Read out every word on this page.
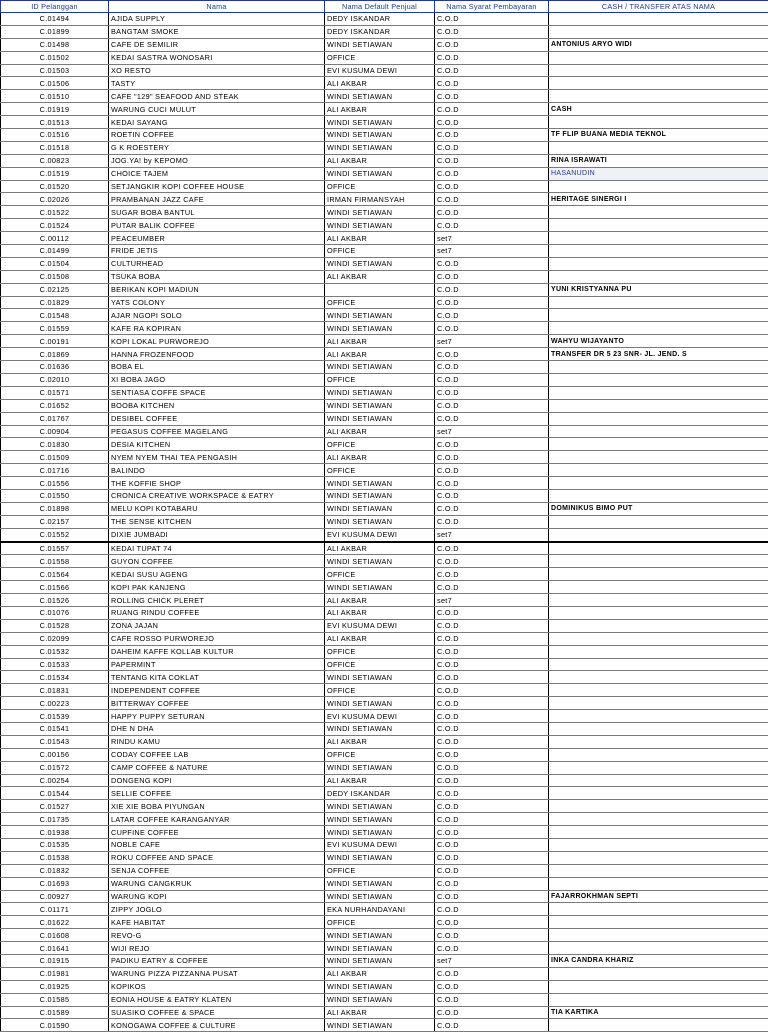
ID Pelanggan	Nama	Nama Default Penjual	Nama Syarat Pembayaran	CASH / TRANSFER ATAS NAMA
C.01494	AJIDA SUPPLY	DEDY ISKANDAR	C.O.D	
C.01899	BANGTAM SMOKE	DEDY ISKANDAR	C.O.D	
C.01498	CAFE DE SEMILIR	WINDI SETIAWAN	C.O.D	ANTONIUS ARYO WIDI
C.01502	KEDAI SASTRA WONOSARI	OFFICE	C.O.D	
C.01503	XO RESTO	EVI KUSUMA DEWI	C.O.D	
C.01506	TASTY	ALI AKBAR	C.O.D	
C.01510	CAFE "129" SEAFOOD AND STEAK	WINDI SETIAWAN	C.O.D	
C.01919	WARUNG CUCI MULUT	ALI AKBAR	C.O.D	CASH
C.01513	KEDAI SAYANG	WINDI SETIAWAN	C.O.D	
C.01516	ROETIN COFFEE	WINDI SETIAWAN	C.O.D	TF FLIP BUANA MEDIA TEKNOL
C.01518	G K ROESTERY	WINDI SETIAWAN	C.O.D	
C.00823	JOG.YA! by KEPOMO	ALI AKBAR	C.O.D	RINA ISRAWATI
C.01519	CHOICE TAJEM	WINDI SETIAWAN	C.O.D	HASANUDIN
C.01520	SETJANGKIR KOPI COFFEE HOUSE	OFFICE	C.O.D	
C.02026	PRAMBANAN JAZZ CAFE	IRMAN FIRMANSYAH	C.O.D	HERITAGE SINERGI I
C.01522	SUGAR BOBA BANTUL	WINDI SETIAWAN	C.O.D	
C.01524	PUTAR BALIK COFFEE	WINDI SETIAWAN	C.O.D	
C.00112	PEACEUMBER	ALI AKBAR	set7	
C.01499	FRIDE JETIS	OFFICE	set7	
C.01504	CULTURHEAD	WINDI SETIAWAN	C.O.D	
C.01508	TSUKA BOBA	ALI AKBAR	C.O.D	
C.02125	BERIKAN KOPI MADIUN		C.O.D	YUNI KRISTYANNA PU
C.01829	YATS COLONY	OFFICE	C.O.D	
C.01548	AJAR NGOPI SOLO	WINDI SETIAWAN	C.O.D	
C.01559	KAFE RA KOPIRAN	WINDI SETIAWAN	C.O.D	
C.00191	KOPI LOKAL PURWOREJO	ALI AKBAR	set7	WAHYU WIJAYANTO
C.01869	HANNA FROZENFOOD	ALI AKBAR	C.O.D	TRANSFER DR 5 23 SNR- JL. JEND. S
C.01636	BOBA EL	WINDI SETIAWAN	C.O.D	
C.02010	XI BOBA JAGO	OFFICE	C.O.D	
C.01571	SENTIASA COFFE SPACE	WINDI SETIAWAN	C.O.D	
C.01652	BOOBA KITCHEN	WINDI SETIAWAN	C.O.D	
C.01767	DESIBEL COFFEE	WINDI SETIAWAN	C.O.D	
C.00904	PEGASUS COFFEE MAGELANG	ALI AKBAR	set7	
C.01830	DESIA KITCHEN	OFFICE	C.O.D	
C.01509	NYEM NYEM THAI TEA PENGASIH	ALI AKBAR	C.O.D	
C.01716	BALINDO	OFFICE	C.O.D	
C.01556	THE KOFFIE SHOP	WINDI SETIAWAN	C.O.D	
C.01550	CRONICA CREATIVE WORKSPACE & EATRY	WINDI SETIAWAN	C.O.D	
C.01898	MELU KOPI KOTABARU	WINDI SETIAWAN	C.O.D	DOMINIKUS BIMO PUT
C.02157	THE SENSE KITCHEN	WINDI SETIAWAN	C.O.D	
C.01552	DIXIE JUMBADI	EVI KUSUMA DEWI	set7	
C.01557	KEDAI TUPAT 74	ALI AKBAR	C.O.D	
C.01558	GUYON COFFEE	WINDI SETIAWAN	C.O.D	
C.01564	KEDAI SUSU AGENG	OFFICE	C.O.D	
C.01566	KOPI PAK KANJENG	WINDI SETIAWAN	C.O.D	
C.01526	ROLLING CHICK PLERET	ALI AKBAR	set7	
C.01076	RUANG RINDU COFFEE	ALI AKBAR	C.O.D	
C.01528	ZONA JAJAN	EVI KUSUMA DEWI	C.O.D	
C.02099	CAFE ROSSO PURWOREJO	ALI AKBAR	C.O.D	
C.01532	DAHEIM KAFFE KOLLAB KULTUR	OFFICE	C.O.D	
C.01533	PAPERMINT	OFFICE	C.O.D	
C.01534	TENTANG KITA COKLAT	WINDI SETIAWAN	C.O.D	
C.01831	INDEPENDENT COFFEE	OFFICE	C.O.D	
C.00223	BITTERWAY COFFEE	WINDI SETIAWAN	C.O.D	
C.01539	HAPPY PUPPY SETURAN	EVI KUSUMA DEWI	C.O.D	
C.01541	DHE N DHA	WINDI SETIAWAN	C.O.D	
C.01543	RINDU KAMU	ALI AKBAR	C.O.D	
C.00156	CODAY COFFEE LAB	OFFICE	C.O.D	
C.01572	CAMP COFFEE & NATURE	WINDI SETIAWAN	C.O.D	
C.00254	DONGENG KOPI	ALI AKBAR	C.O.D	
C.01544	SELLIE COFFEE	DEDY ISKANDAR	C.O.D	
C.01527	XIE XIE BOBA PIYUNGAN	WINDI SETIAWAN	C.O.D	
C.01735	LATAR COFFEE KARANGANYAR	WINDI SETIAWAN	C.O.D	
C.01938	CUPFINE COFFEE	WINDI SETIAWAN	C.O.D	
C.01535	NOBLE CAFE	EVI KUSUMA DEWI	C.O.D	
C.01538	ROKU COFFEE AND SPACE	WINDI SETIAWAN	C.O.D	
C.01832	SENJA COFFEE	OFFICE	C.O.D	
C.01693	WARUNG CANGKRUK	WINDI SETIAWAN	C.O.D	
C.00927	WARUNG KOPI	WINDI SETIAWAN	C.O.D	FAJARROKHMAN SEPTI
C.01171	ZIPPY JOGLO	EKA NURHANDAYANI	C.O.D	
C.01622	KAFE HABITAT	OFFICE	C.O.D	
C.01608	REVO-G	WINDI SETIAWAN	C.O.D	
C.01641	WIJI REJO	WINDI SETIAWAN	C.O.D	
C.01915	PADIKU EATRY & COFFEE	WINDI SETIAWAN	set7	INKA CANDRA KHARIZ
C.01981	WARUNG PIZZA PIZZANNA PUSAT	ALI AKBAR	C.O.D	
C.01925	KOPIKOS	WINDI SETIAWAN	C.O.D	
C.01585	EONIA HOUSE & EATRY KLATEN	WINDI SETIAWAN	C.O.D	
C.01589	SUASIKO COFFEE & SPACE	ALI AKBAR	C.O.D	TIA KARTIKA
C.01590	KONOGAWA COFFEE & CULTURE	WINDI SETIAWAN	C.O.D	
